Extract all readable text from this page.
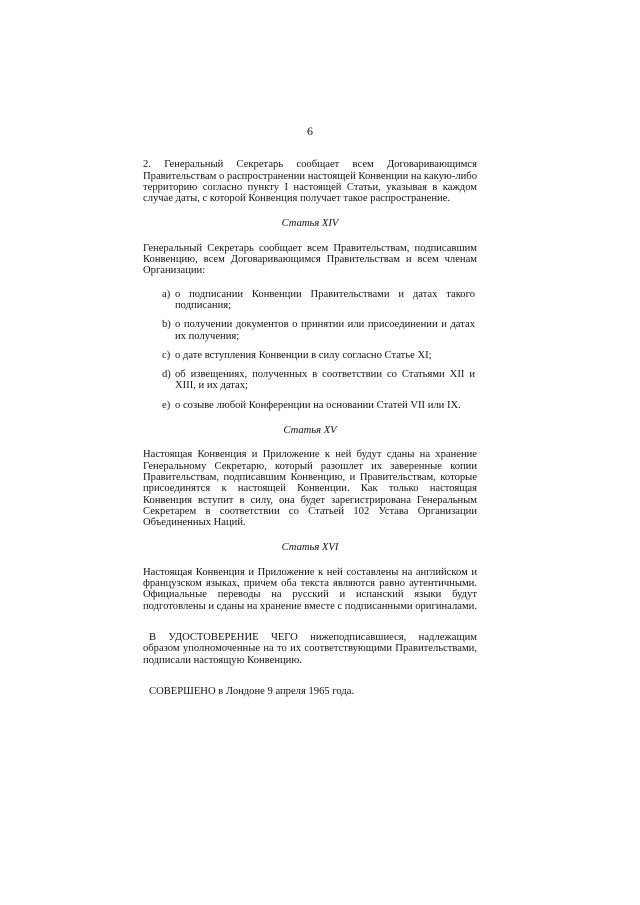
6

2. Генеральный Секретарь сообщает всем Договаривающимся Правительствам о распространении настоящей Конвенции на какую-либо территорию согласно пункту I настоящей Статьи, указывая в каждом случае даты, с которой Конвенция получает такое распространение.

Статья XIV

Генеральный Секретарь сообщает всем Правительствам, подписавшим Конвенцию, всем Договаривающимся Правительствам и всем членам Организации:

a) о подписании Конвенции Правительствами и датах такого подписания;
b) о получении документов о принятии или присоединении и датах их получения;
c) о дате вступления Конвенции в силу согласно Статье XI;
d) об извещениях, полученных в соответствии со Статьями XII и XIII, и их датах;
e) о созыве любой Конференции на основании Статей VII или IX.
Статья XV

Настоящая Конвенция и Приложение к ней будут сданы на хранение Генеральному Секретарю, который разошлет их заверенные копии Правительствам, подписавшим Конвенцию, и Правительствам, которые присоединятся к настоящей Конвенции. Как только настоящая Конвенция вступит в силу, она будет зарегистрирована Генеральным Секретарем в соответствии со Статьей 102 Устава Организации Объединенных Наций.

Статья XVI

Настоящая Конвенция и Приложение к ней составлены на английском и французском языках, причем оба текста являются равно аутентичными. Официальные переводы на русский и испанский языки будут подготовлены и сданы на хранение вместе с подписанными оригиналами.

В УДОСТОВЕРЕНИЕ ЧЕГО нижеподписавшиеся, надлежащим образом уполномоченные на то их соответствующими Правительствами, подписали настоящую Конвенцию.

СОВЕРШЕНО в Лондоне 9 апреля 1965 года.
